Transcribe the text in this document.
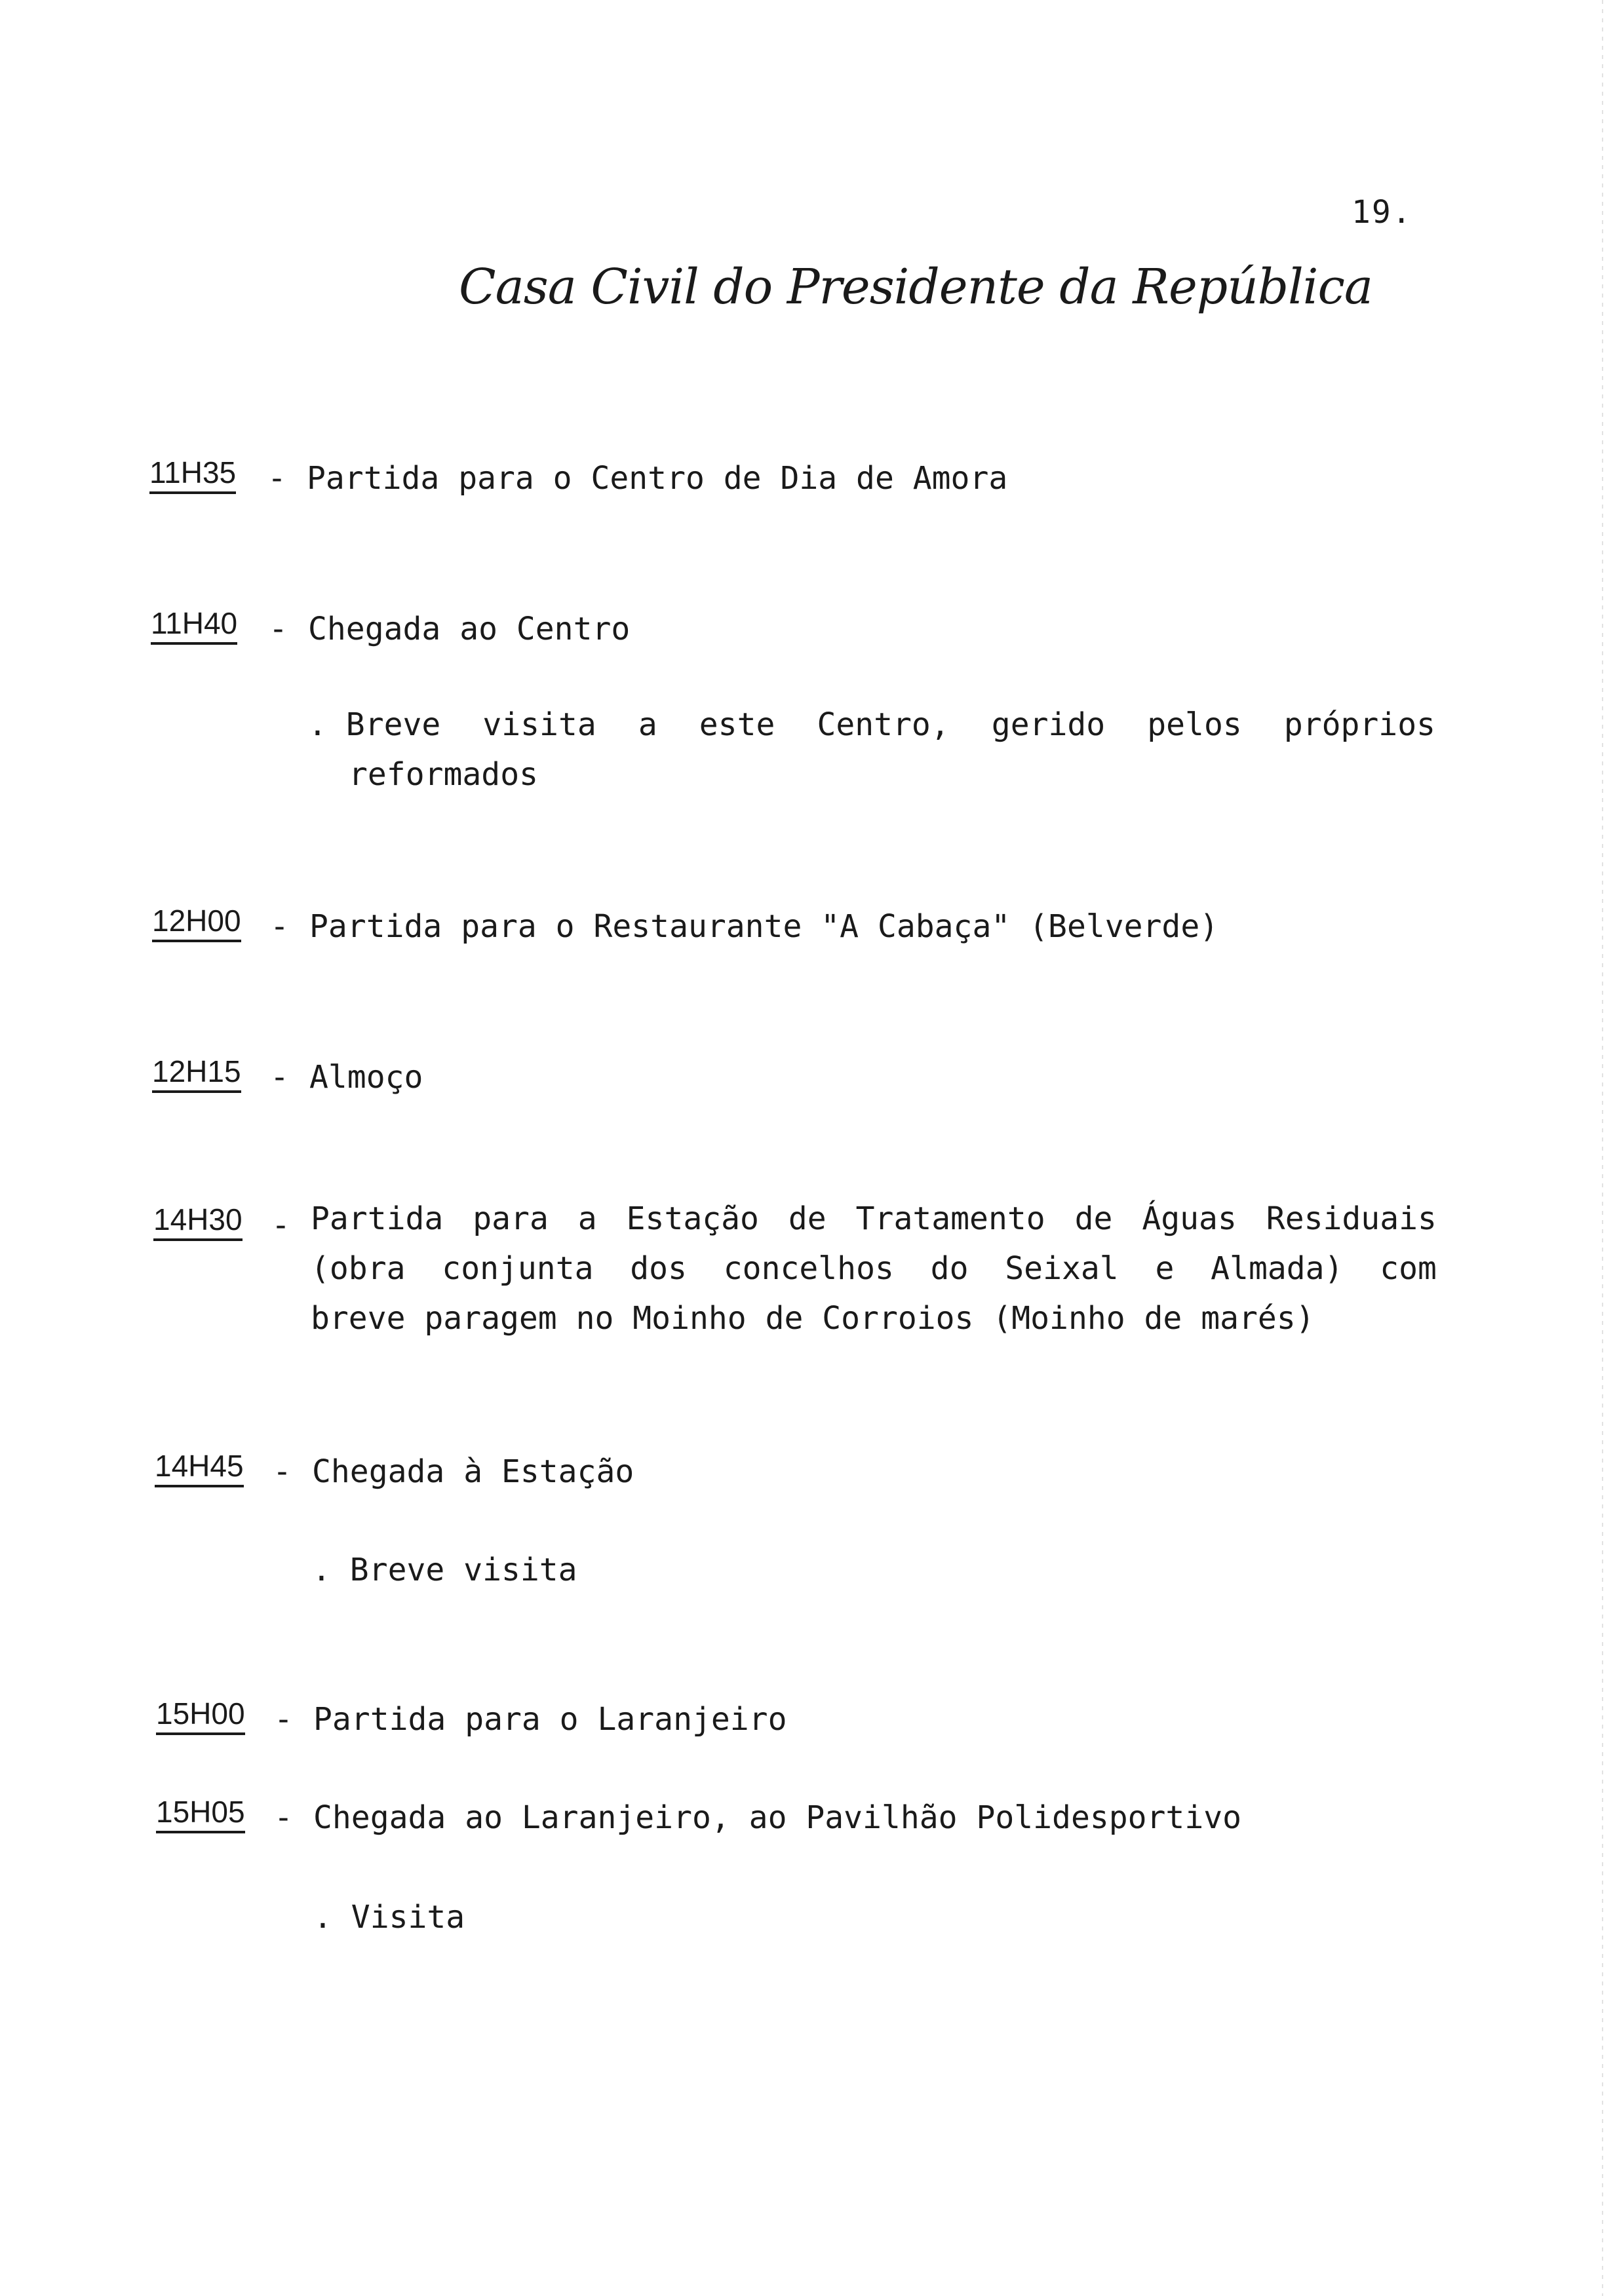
19.
Casa Civil do Presidente da República
11H35 - Partida para o Centro de Dia de Amora
11H40 - Chegada ao Centro
. Breve visita a este Centro, gerido pelos próprios
reformados
12H00 - Partida para o Restaurante "A Cabaça" (Belverde)
12H15 - Almoço
14H30 - Partida para a Estação de Tratamento de Águas Residuais
(obra conjunta dos concelhos do Seixal e Almada) com
breve paragem no Moinho de Corroios (Moinho de marés)
14H45 - Chegada à Estação
. Breve visita
15H00 - Partida para o Laranjeiro
15H05 - Chegada ao Laranjeiro, ao Pavilhão Polidesportivo
. Visita
